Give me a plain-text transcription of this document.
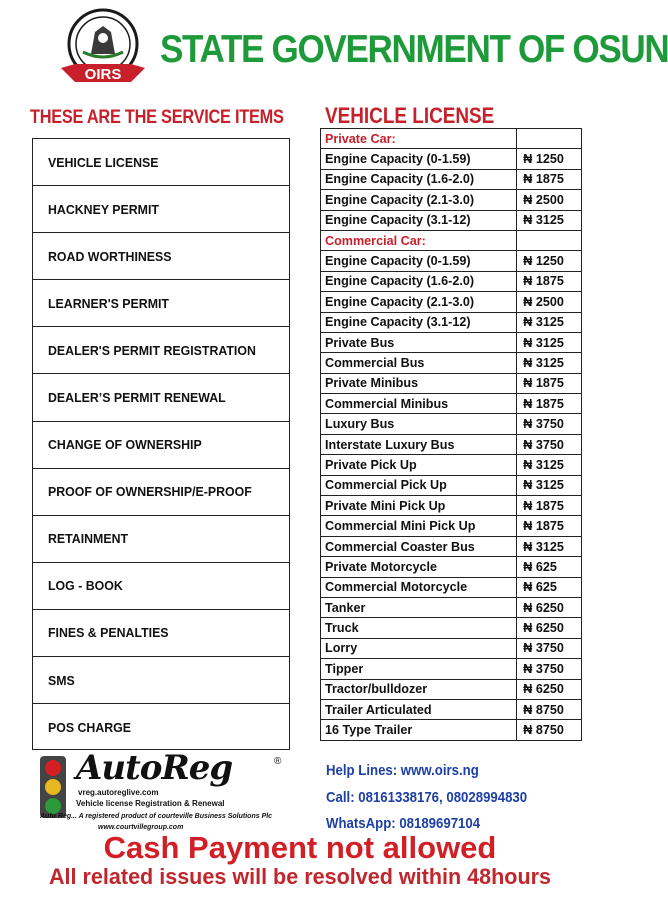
OIRS
STATE GOVERNMENT OF OSUN
THESE ARE THE SERVICE ITEMS
VEHICLE LICENSE
HACKNEY PERMIT
ROAD WORTHINESS
LEARNER'S PERMIT
DEALER'S PERMIT REGISTRATION
DEALER’S PERMIT RENEWAL
CHANGE OF OWNERSHIP
PROOF OF OWNERSHIP/E-PROOF
RETAINMENT
LOG - BOOK
FINES & PENALTIES
SMS
POS CHARGE
VEHICLE LICENSE
Private Car:	
Engine Capacity (0-1.59)	₦ 1250
Engine Capacity (1.6-2.0)	₦ 1875
Engine Capacity (2.1-3.0)	₦ 2500
Engine Capacity (3.1-12)	₦ 3125
Commercial Car:	
Engine Capacity (0-1.59)	₦ 1250
Engine Capacity (1.6-2.0)	₦ 1875
Engine Capacity (2.1-3.0)	₦ 2500
Engine Capacity (3.1-12)	₦ 3125
Private Bus	₦ 3125
Commercial Bus	₦ 3125
Private Minibus	₦ 1875
Commercial Minibus	₦ 1875
Luxury Bus	₦ 3750
Interstate Luxury Bus	₦ 3750
Private Pick Up	₦ 3125
Commercial Pick Up	₦ 3125
Private Mini Pick Up	₦ 1875
Commercial Mini Pick Up	₦ 1875
Commercial Coaster Bus	₦ 3125
Private Motorcycle	₦ 625
Commercial Motorcycle	₦ 625
Tanker	₦ 6250
Truck	₦ 6250
Lorry	₦ 3750
Tipper	₦ 3750
Tractor/bulldozer	₦ 6250
Trailer Articulated	₦ 8750
16 Type Trailer	₦ 8750
AutoReg	®
vreg.autoreglive.com
Vehicle license Registration & Renewal
Auto Reg... A registered product of courteville Business Solutions Plc
www.courtvillegroup.com
Help Lines: www.oirs.ng
Call: 08161338176, 08028994830
WhatsApp: 08189697104
Cash Payment not allowed
All related issues will be resolved within 48hours
